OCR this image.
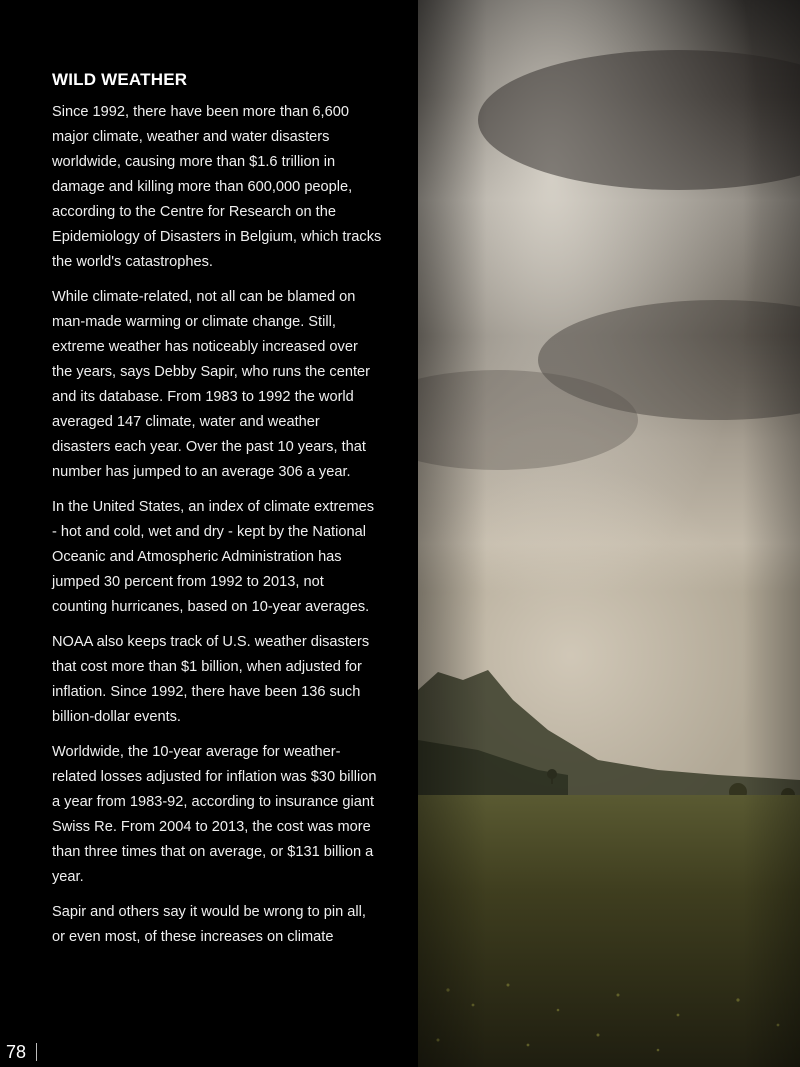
WILD WEATHER

Since 1992, there have been more than 6,600 major climate, weather and water disasters worldwide, causing more than $1.6 trillion in damage and killing more than 600,000 people, according to the Centre for Research on the Epidemiology of Disasters in Belgium, which tracks the world's catastrophes.

While climate-related, not all can be blamed on man-made warming or climate change. Still, extreme weather has noticeably increased over the years, says Debby Sapir, who runs the center and its database. From 1983 to 1992 the world averaged 147 climate, water and weather disasters each year. Over the past 10 years, that number has jumped to an average 306 a year.

In the United States, an index of climate extremes - hot and cold, wet and dry - kept by the National Oceanic and Atmospheric Administration has jumped 30 percent from 1992 to 2013, not counting hurricanes, based on 10-year averages.

NOAA also keeps track of U.S. weather disasters that cost more than $1 billion, when adjusted for inflation. Since 1992, there have been 136 such billion-dollar events.

Worldwide, the 10-year average for weather-related losses adjusted for inflation was $30 billion a year from 1983-92, according to insurance giant Swiss Re. From 2004 to 2013, the cost was more than three times that on average, or $131 billion a year.

Sapir and others say it would be wrong to pin all, or even most, of these increases on climate

78
